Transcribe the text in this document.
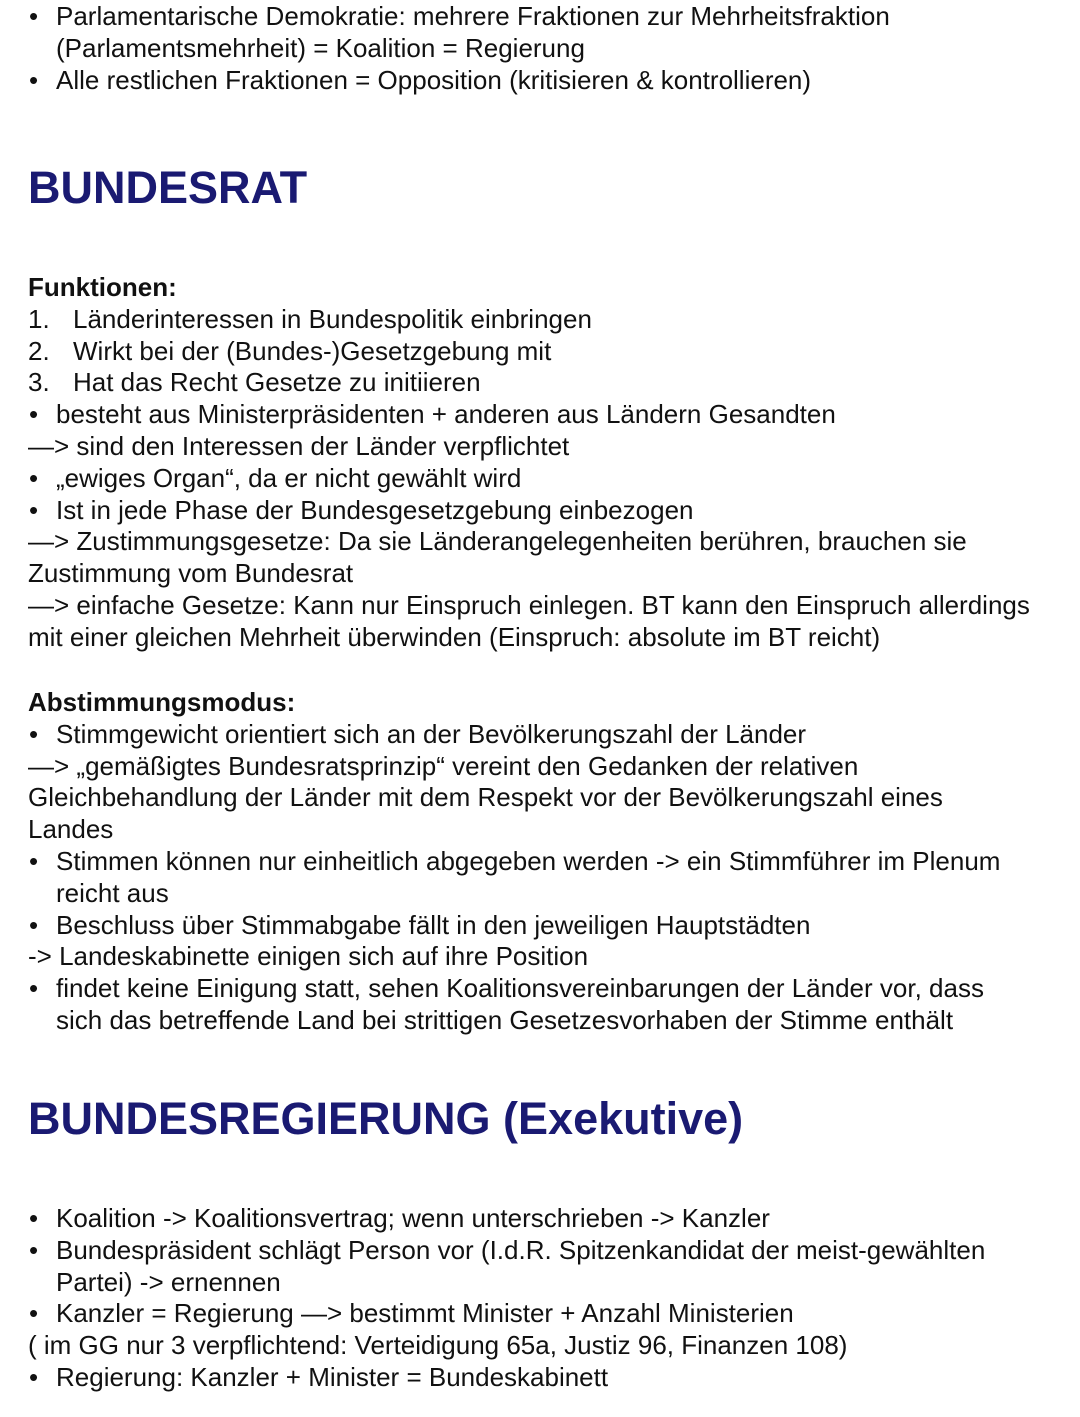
• Parlamentarische Demokratie: mehrere Fraktionen zur Mehrheitsfraktion (Parlamentsmehrheit) = Koalition = Regierung
• Alle restlichen Fraktionen = Opposition (kritisieren & kontrollieren)
BUNDESRAT
Funktionen:
1. Länderinteressen in Bundespolitik einbringen
2. Wirkt bei der (Bundes-)Gesetzgebung mit
3. Hat das Recht Gesetze zu initiieren
• besteht aus Ministerpräsidenten + anderen aus Ländern Gesandten
—> sind den Interessen der Länder verpflichtet
• „ewiges Organ“, da er nicht gewählt wird
• Ist in jede Phase der Bundesgesetzgebung einbezogen
—> Zustimmungsgesetze: Da sie Länderangelegenheiten berühren, brauchen sie Zustimmung vom Bundesrat
—> einfache Gesetze: Kann nur Einspruch einlegen. BT kann den Einspruch allerdings mit einer gleichen Mehrheit überwinden (Einspruch: absolute im BT reicht)
Abstimmungsmodus:
• Stimmgewicht orientiert sich an der Bevölkerungszahl der Länder
—> „gemäßigtes Bundesratsprinzip“ vereint den Gedanken der relativen Gleichbehandlung der Länder mit dem Respekt vor der Bevölkerungszahl eines Landes
• Stimmen können nur einheitlich abgegeben werden -> ein Stimmführer im Plenum reicht aus
• Beschluss über Stimmabgabe fällt in den jeweiligen Hauptstädten
-> Landeskabinette einigen sich auf ihre Position
• findet keine Einigung statt, sehen Koalitionsvereinbarungen der Länder vor, dass sich das betreffende Land bei strittigen Gesetzesvorhaben der Stimme enthält
BUNDESREGIERUNG (Exekutive)
• Koalition -> Koalitionsvertrag; wenn unterschrieben -> Kanzler
• Bundespräsident schlägt Person vor (I.d.R. Spitzenkandidat der meist-gewählten Partei) -> ernennen
• Kanzler = Regierung —> bestimmt Minister + Anzahl Ministerien
( im GG nur 3 verpflichtend: Verteidigung 65a, Justiz 96, Finanzen 108)
• Regierung: Kanzler + Minister = Bundeskabinett
